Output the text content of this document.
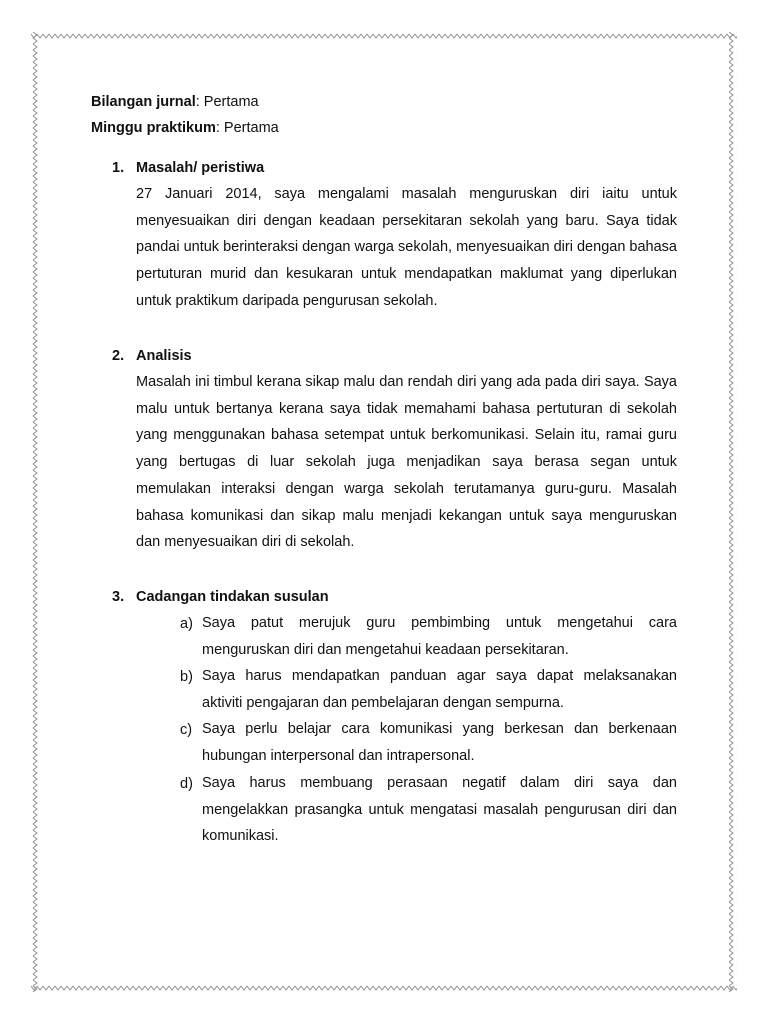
Bilangan jurnal: Pertama
Minggu praktikum: Pertama
1. Masalah/ peristiwa
27 Januari 2014, saya mengalami masalah menguruskan diri iaitu untuk menyesuaikan diri dengan keadaan persekitaran sekolah yang baru. Saya tidak pandai untuk berinteraksi dengan warga sekolah, menyesuaikan diri dengan bahasa pertuturan murid dan kesukaran untuk mendapatkan maklumat yang diperlukan untuk praktikum daripada pengurusan sekolah.
2. Analisis
Masalah ini timbul kerana sikap malu dan rendah diri yang ada pada diri saya. Saya malu untuk bertanya kerana saya tidak memahami bahasa pertuturan di sekolah yang menggunakan bahasa setempat untuk berkomunikasi. Selain itu, ramai guru yang bertugas di luar sekolah juga menjadikan saya berasa segan untuk memulakan interaksi dengan warga sekolah terutamanya guru-guru. Masalah bahasa komunikasi dan sikap malu menjadi kekangan untuk saya menguruskan dan menyesuaikan diri di sekolah.
3. Cadangan tindakan susulan
a) Saya patut merujuk guru pembimbing untuk mengetahui cara menguruskan diri dan mengetahui keadaan persekitaran.
b) Saya harus mendapatkan panduan agar saya dapat melaksanakan aktiviti pengajaran dan pembelajaran dengan sempurna.
c) Saya perlu belajar cara komunikasi yang berkesan dan berkenaan hubungan interpersonal dan intrapersonal.
d) Saya harus membuang perasaan negatif dalam diri saya dan mengelakkan prasangka untuk mengatasi masalah pengurusan diri dan komunikasi.
